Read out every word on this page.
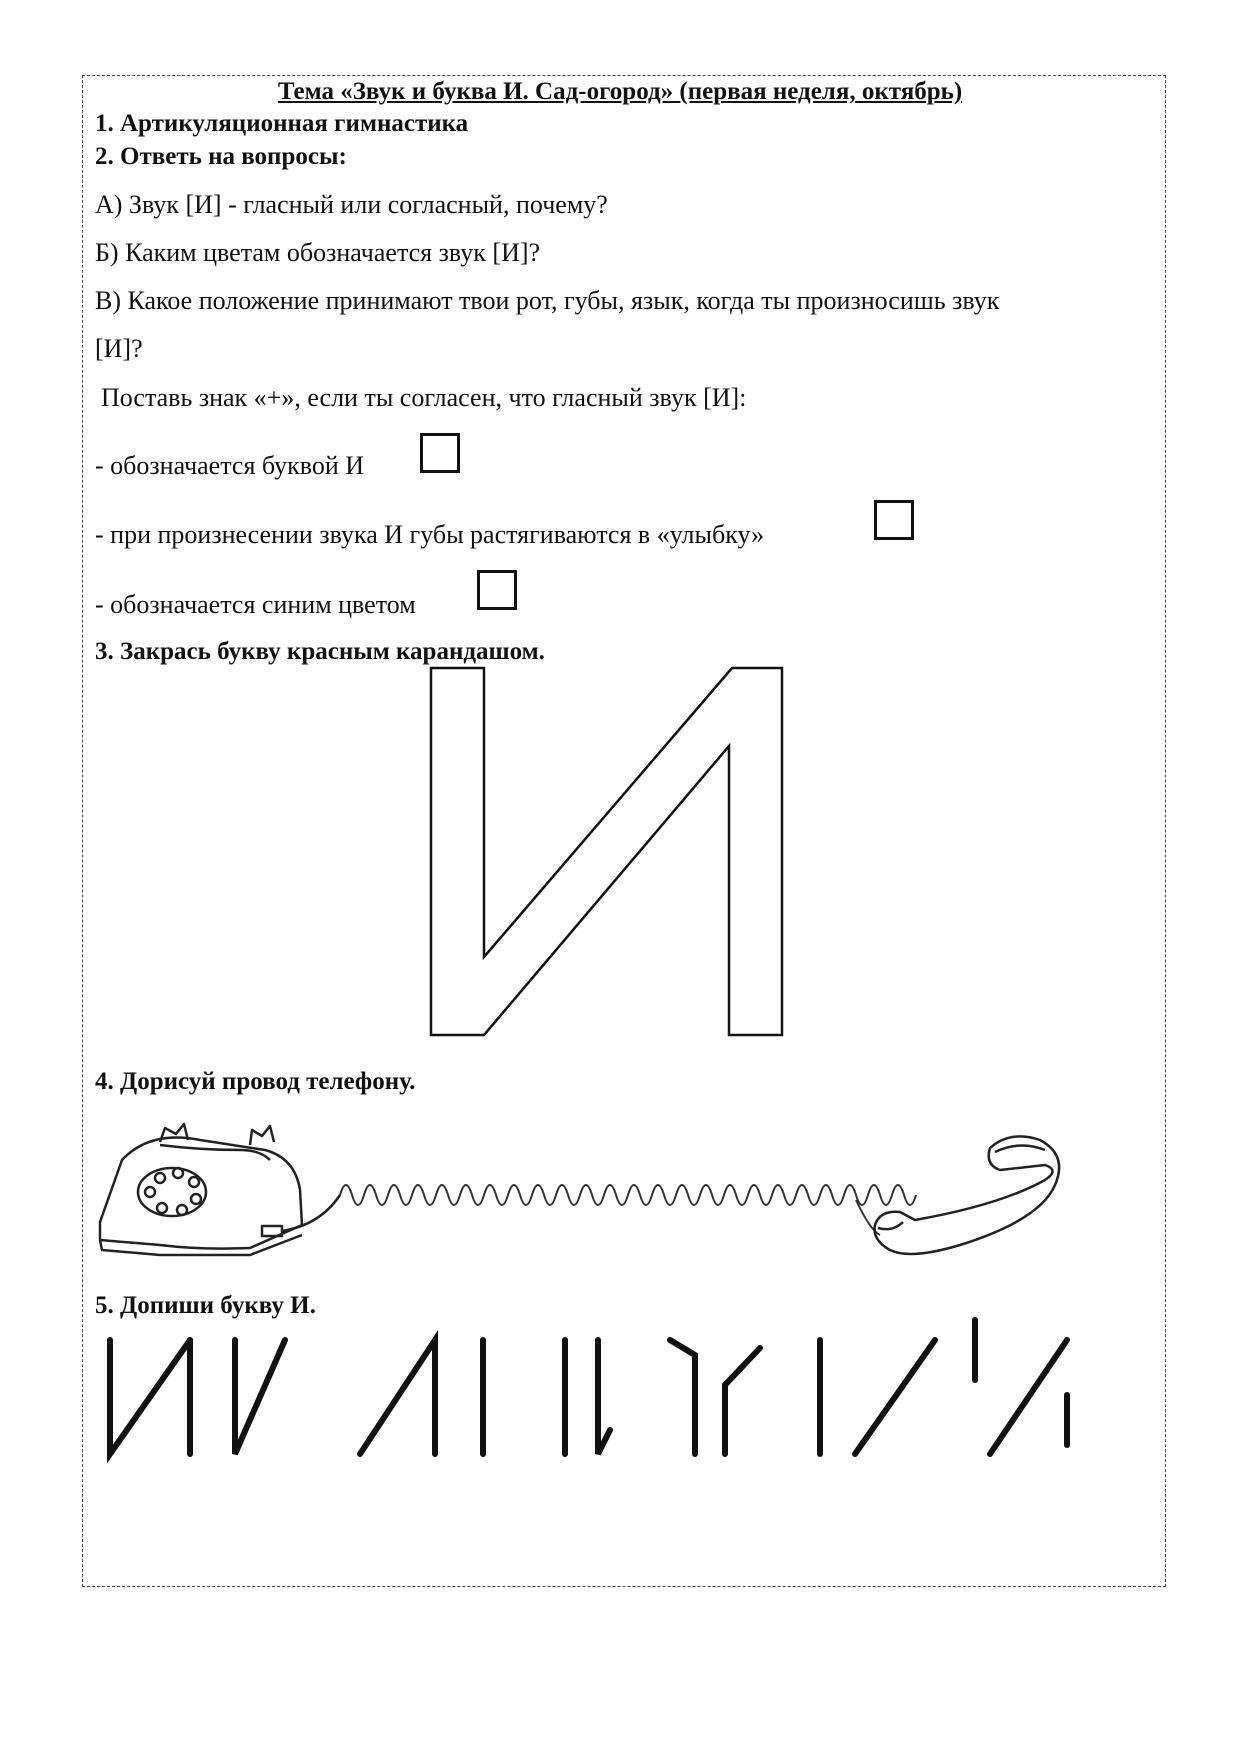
Тема «Звук и буква И. Сад-огород» (первая неделя, октябрь)
1. Артикуляционная гимнастика
2. Ответь на вопросы:
А) Звук [И] - гласный или согласный, почему?
Б) Каким цветам обозначается звук [И]?
В) Какое положение принимают твои рот, губы, язык, когда ты произносишь звук
[И]?
Поставь знак «+», если ты согласен, что гласный звук [И]:
- обозначается буквой И
- при произнесении звука И губы растягиваются в «улыбку»
- обозначается синим цветом
3. Закрась букву красным карандашом.
4. Дорисуй провод телефону.
5. Допиши букву И.
